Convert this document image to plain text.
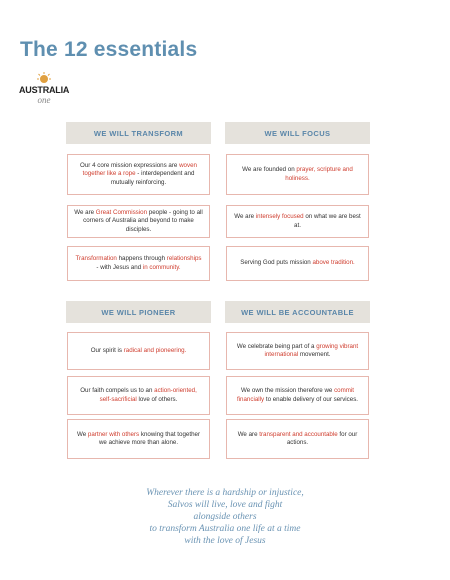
The 12 essentials
AUSTRALIA
one
WE WILL TRANSFORM	WE WILL FOCUS
WE WILL PIONEER	WE WILL BE ACCOUNTABLE
Our 4 core mission expressions are woven together like a rope - interdependent and mutually reinforcing.
We are Great Commission people - going to all corners of Australia and beyond to make disciples.
Transformation happens through relationships - with Jesus and in community.
We are founded on prayer, scripture and holiness.
We are intensely focused on what we are best at.
Serving God puts mission above tradition.
Our spirit is radical and pioneering.
Our faith compels us to an action-oriented, self-sacrificial love of others.
We partner with others knowing that together we achieve more than alone.
We celebrate being part of a growing vibrant international movement.
We own the mission therefore we commit financially to enable delivery of our services.
We are transparent and accountable for our actions.
Wherever there is a hardship or injustice,
Salvos will live, love and fight
alongside others
to transform Australia one life at a time
with the love of Jesus
